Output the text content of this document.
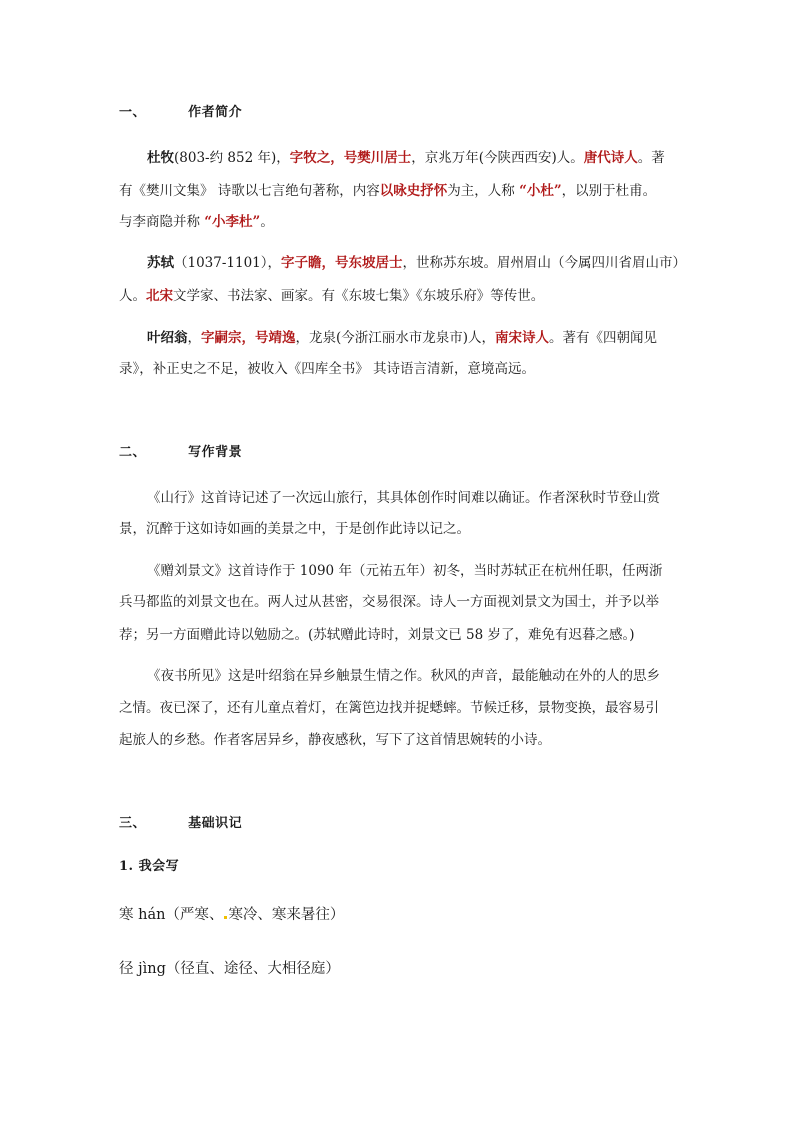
一、	作者简介
杜牧(803-约 852 年)，字牧之，号樊川居士，京兆万年(今陕西西安)人。唐代诗人。著
有《樊川文集》 诗歌以七言绝句著称，内容以咏史抒怀为主，人称 “小杜”，以别于杜甫。
与李商隐并称 “小李杜”。
苏轼（1037-1101），字子瞻，号东坡居士，世称苏东坡。眉州眉山（今属四川省眉山市）
人。北宋文学家、书法家、画家。有《东坡七集》《东坡乐府》等传世。
叶绍翁，字嗣宗，号靖逸，龙泉(今浙江丽水市龙泉市)人，南宋诗人。著有《四朝闻见
录》，补正史之不足，被收入《四库全书》 其诗语言清新，意境高远。
二、	写作背景
《山行》这首诗记述了一次远山旅行，其具体创作时间难以确证。作者深秋时节登山赏
景，沉醉于这如诗如画的美景之中，于是创作此诗以记之。
《赠刘景文》这首诗作于 1090 年（元祐五年）初冬，当时苏轼正在杭州任职，任两浙
兵马都监的刘景文也在。两人过从甚密，交易很深。诗人一方面视刘景文为国士，并予以举
荐；另一方面赠此诗以勉励之。(苏轼赠此诗时，刘景文已 58 岁了，难免有迟暮之感。)
《夜书所见》这是叶绍翁在异乡触景生情之作。秋风的声音，最能触动在外的人的思乡
之情。夜已深了，还有儿童点着灯，在篱笆边找并捉蟋蟀。节候迁移，景物变换，最容易引
起旅人的乡愁。作者客居异乡，静夜感秋，写下了这首情思婉转的小诗。
三、	基础识记
1. 我会写
寒 hán（严寒、 寒冷、寒来暑往）
径 jìng（径直、途径、大相径庭）
